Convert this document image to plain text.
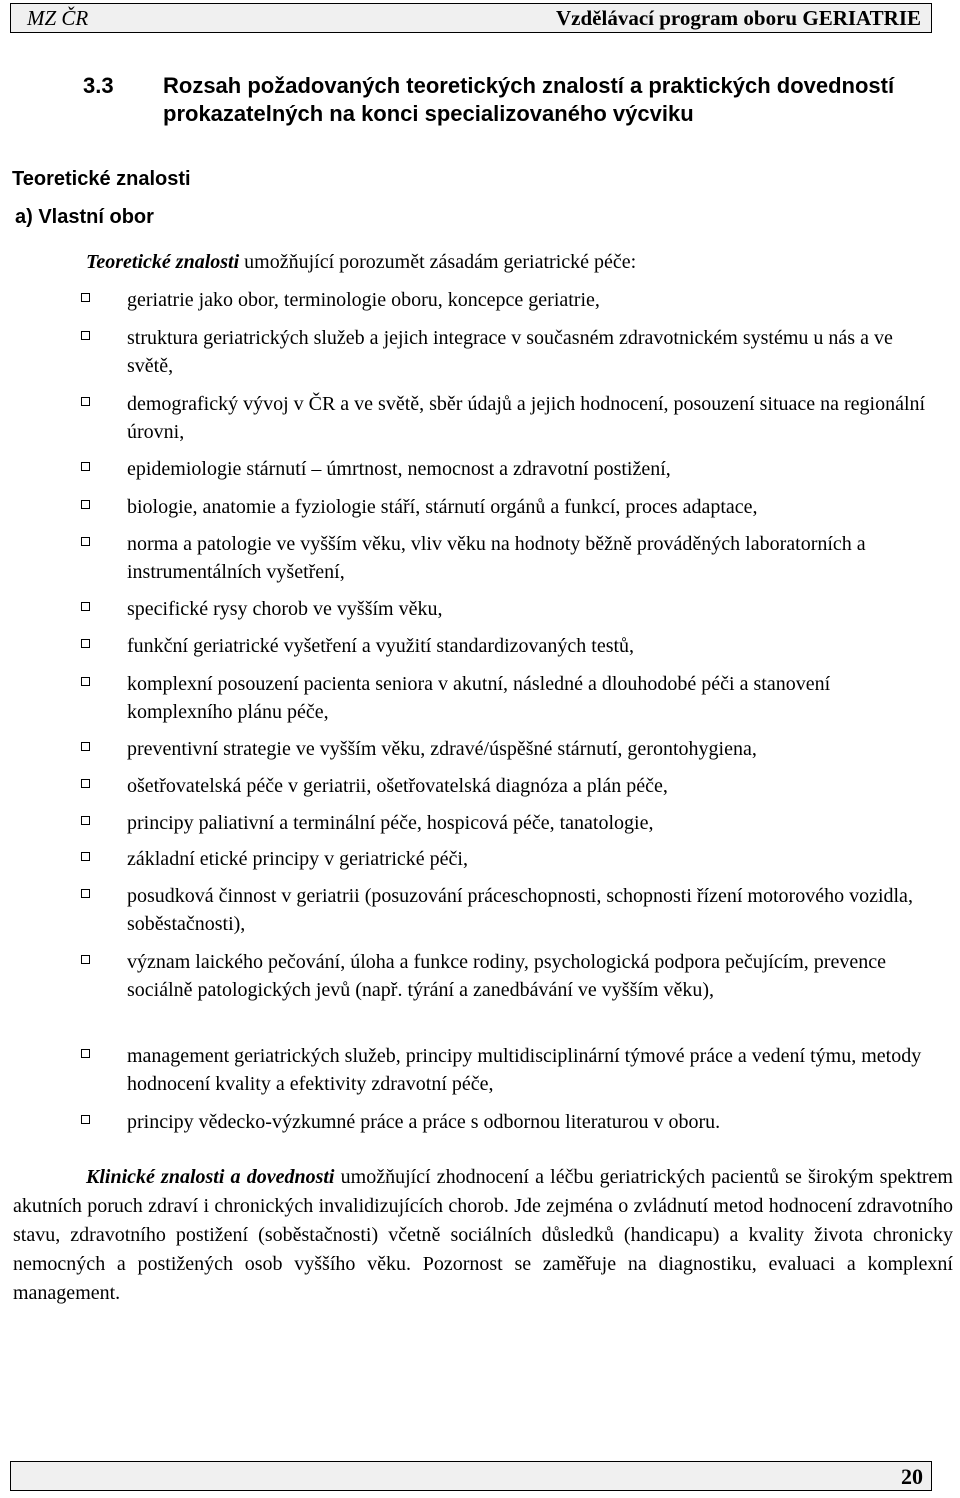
MZ ČR	Vzdělávací program oboru GERIATRIE
3.3 Rozsah požadovaných teoretických znalostí a praktických dovedností prokazatelných na konci specializovaného výcviku
Teoretické znalosti
a) Vlastní obor
Teoretické znalosti umožňující porozumět zásadám geriatrické péče:
geriatrie jako obor, terminologie oboru, koncepce geriatrie,
struktura geriatrických služeb a jejich integrace v současném zdravotnickém systému u nás a ve světě,
demografický vývoj v ČR a ve světě, sběr údajů a jejich hodnocení, posouzení situace na regionální úrovni,
epidemiologie stárnutí – úmrtnost, nemocnost a zdravotní postižení,
biologie, anatomie a fyziologie stáří, stárnutí orgánů a funkcí, proces adaptace,
norma a patologie ve vyšším věku, vliv věku na hodnoty běžně prováděných laboratorních a instrumentálních vyšetření,
specifické rysy chorob ve vyšším věku,
funkční geriatrické vyšetření a využití standardizovaných testů,
komplexní posouzení pacienta seniora v akutní, následné a dlouhodobé péči a stanovení komplexního plánu péče,
preventivní strategie ve vyšším věku, zdravé/úspěšné stárnutí, gerontohygiena,
ošetřovatelská péče v geriatrii, ošetřovatelská diagnóza a plán péče,
principy paliativní a terminální péče, hospicová péče, tanatologie,
základní etické principy v geriatrické péči,
posudková činnost v geriatrii (posuzování práceschopnosti, schopnosti řízení motorového vozidla, soběstačnosti),
význam laického pečování, úloha a funkce rodiny, psychologická podpora pečujícím, prevence sociálně patologických jevů (např. týrání a zanedbávání ve vyšším věku),
management geriatrických služeb, principy multidisciplinární týmové práce a vedení týmu, metody hodnocení kvality a efektivity zdravotní péče,
principy vědecko-výzkumné práce a práce s odbornou literaturou v oboru.
Klinické znalosti a dovednosti umožňující zhodnocení a léčbu geriatrických pacientů se širokým spektrem akutních poruch zdraví i chronických invalidizujících chorob. Jde zejména o zvládnutí metod hodnocení zdravotního stavu, zdravotního postižení (soběstačnosti) včetně sociálních důsledků (handicapu) a kvality života chronicky nemocných a postižených osob vyššího věku. Pozornost se zaměřuje na diagnostiku, evaluaci a komplexní management.
20
